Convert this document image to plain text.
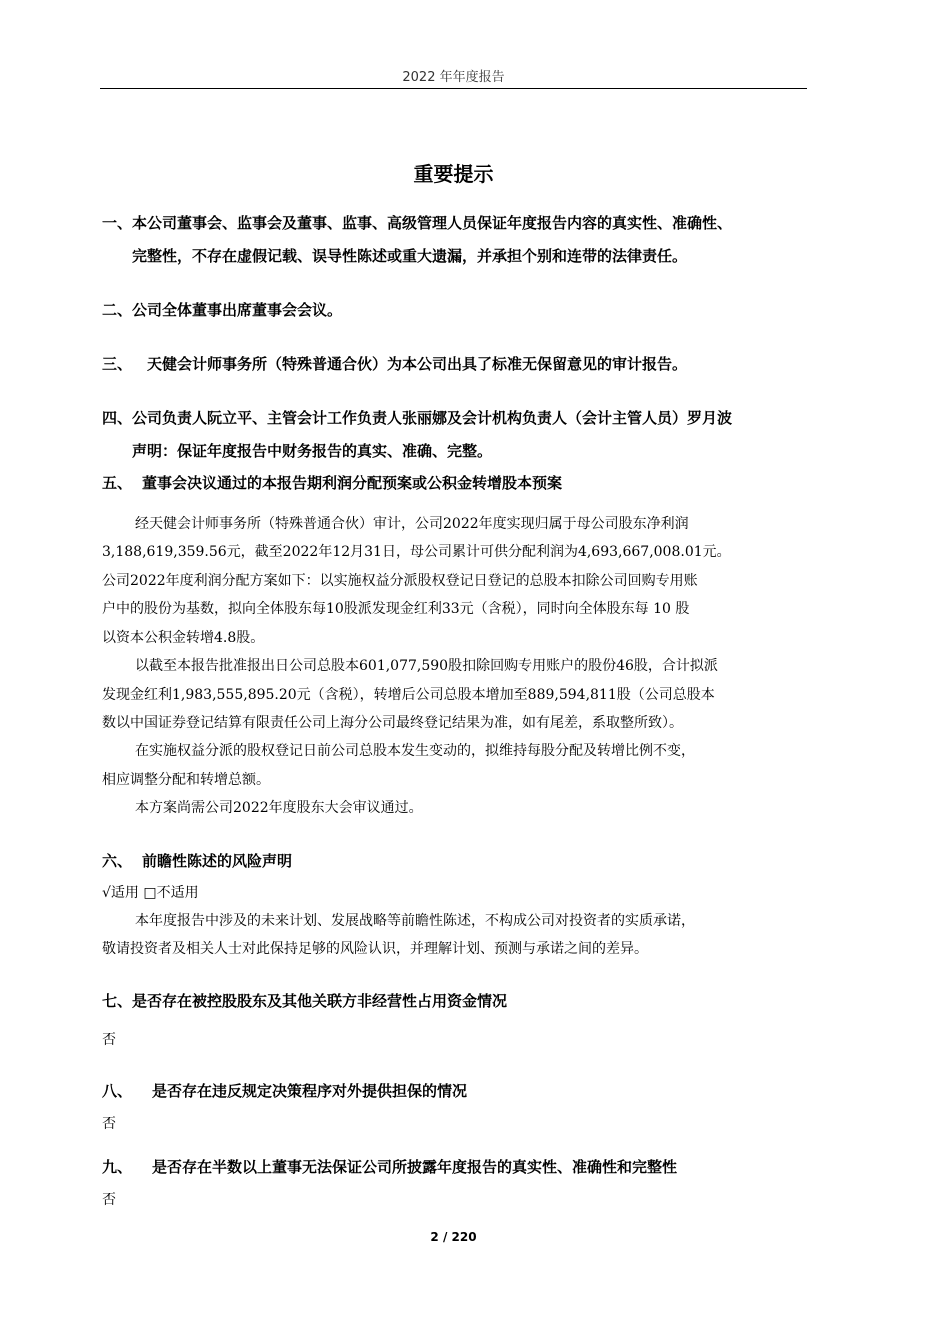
2022 年年度报告
重要提示
一、本公司董事会、监事会及董事、监事、高级管理人员保证年度报告内容的真实性、准确性、
完整性，不存在虚假记载、误导性陈述或重大遗漏，并承担个别和连带的法律责任。
二、公司全体董事出席董事会会议。
三、 天健会计师事务所（特殊普通合伙）为本公司出具了标准无保留意见的审计报告。
四、公司负责人阮立平、主管会计工作负责人张丽娜及会计机构负责人（会计主管人员）罗月波
声明：保证年度报告中财务报告的真实、准确、完整。
五、 董事会决议通过的本报告期利润分配预案或公积金转增股本预案
经天健会计师事务所（特殊普通合伙）审计，公司2022年度实现归属于母公司股东净利润
3,188,619,359.56元，截至2022年12月31日，母公司累计可供分配利润为4,693,667,008.01元。
公司2022年度利润分配方案如下：以实施权益分派股权登记日登记的总股本扣除公司回购专用账
户中的股份为基数，拟向全体股东每10股派发现金红利33元（含税），同时向全体股东每 10 股
以资本公积金转增4.8股。
以截至本报告批准报出日公司总股本601,077,590股扣除回购专用账户的股份46股，合计拟派
发现金红利1,983,555,895.20元（含税），转增后公司总股本增加至889,594,811股（公司总股本
数以中国证券登记结算有限责任公司上海分公司最终登记结果为准，如有尾差，系取整所致）。
在实施权益分派的股权登记日前公司总股本发生变动的，拟维持每股分配及转增比例不变，
相应调整分配和转增总额。
本方案尚需公司2022年度股东大会审议通过。
六、 前瞻性陈述的风险声明
√适用 □不适用
本年度报告中涉及的未来计划、发展战略等前瞻性陈述，不构成公司对投资者的实质承诺，
敬请投资者及相关人士对此保持足够的风险认识，并理解计划、预测与承诺之间的差异。
七、是否存在被控股股东及其他关联方非经营性占用资金情况
否
八、 是否存在违反规定决策程序对外提供担保的情况
否
九、 是否存在半数以上董事无法保证公司所披露年度报告的真实性、准确性和完整性
否
2 / 220
